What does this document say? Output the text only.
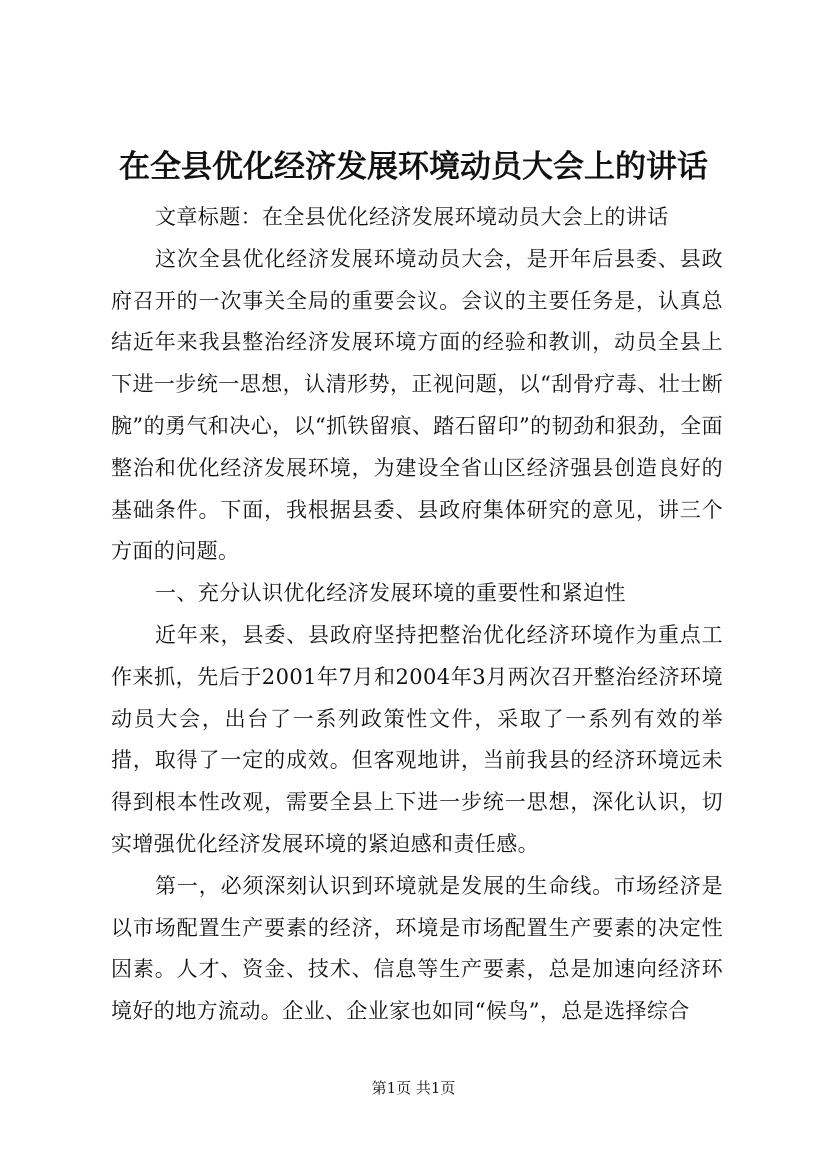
在全县优化经济发展环境动员大会上的讲话

文章标题：在全县优化经济发展环境动员大会上的讲话

这次全县优化经济发展环境动员大会，是开年后县委、县政府召开的一次事关全局的重要会议。会议的主要任务是，认真总结近年来我县整治经济发展环境方面的经验和教训，动员全县上下进一步统一思想，认清形势，正视问题，以“刮骨疗毒、壮士断腕”的勇气和决心，以“抓铁留痕、踏石留印”的韧劲和狠劲，全面整治和优化经济发展环境，为建设全省山区经济强县创造良好的基础条件。下面，我根据县委、县政府集体研究的意见，讲三个方面的问题。

一、充分认识优化经济发展环境的重要性和紧迫性

近年来，县委、县政府坚持把整治优化经济环境作为重点工作来抓，先后于2001年7月和2004年3月两次召开整治经济环境动员大会，出台了一系列政策性文件，采取了一系列有效的举措，取得了一定的成效。但客观地讲，当前我县的经济环境远未得到根本性改观，需要全县上下进一步统一思想，深化认识，切实增强优化经济发展环境的紧迫感和责任感。

第一，必须深刻认识到环境就是发展的生命线。市场经济是以市场配置生产要素的经济，环境是市场配置生产要素的决定性因素。人才、资金、技术、信息等生产要素，总是加速向经济环境好的地方流动。企业、企业家也如同“候鸟”，总是选择综合

第1页 共1页
